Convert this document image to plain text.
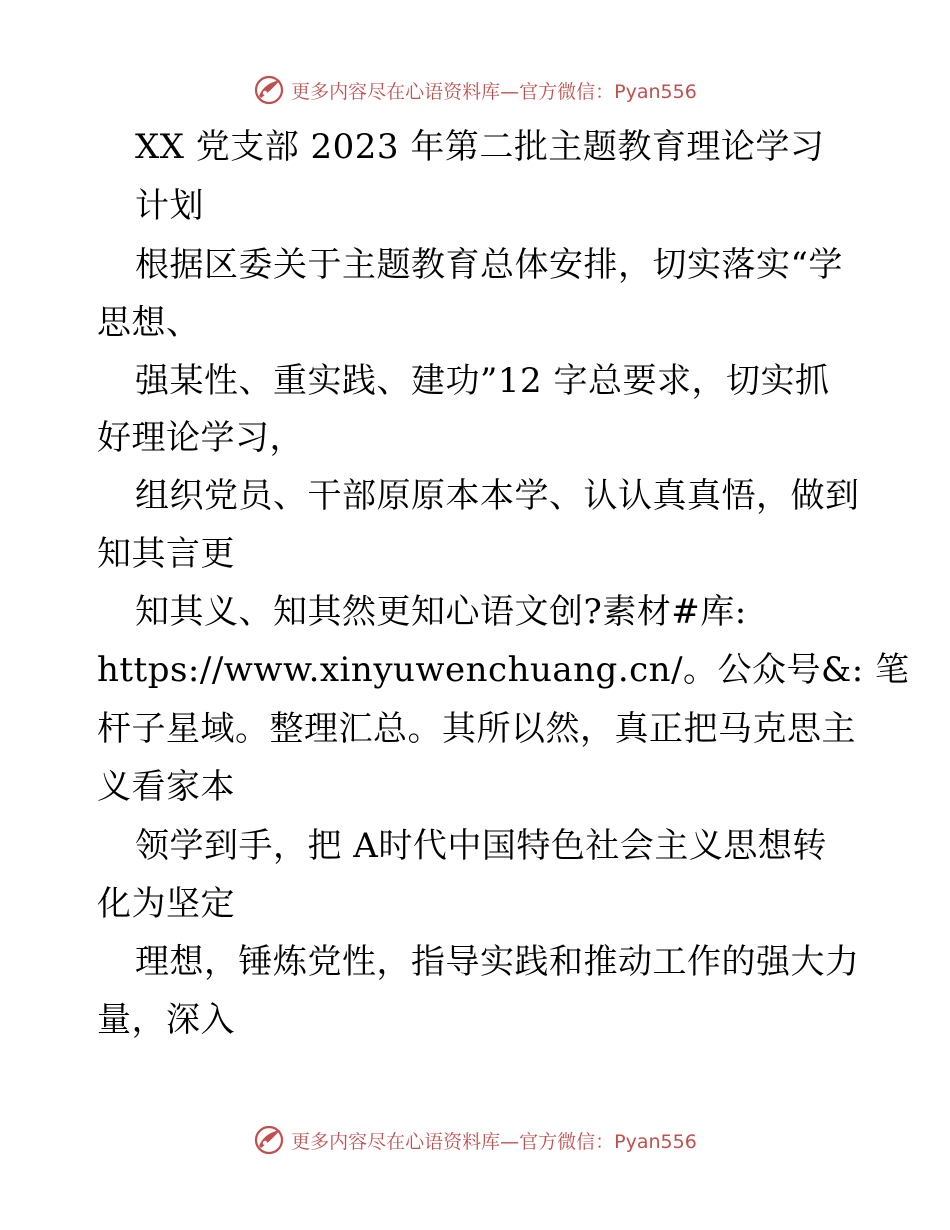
更多内容尽在心语资料库— 官方微信：Pyan556
XX 党支部 2023 年第二批主题教育理论学习
计划
根据区委关于主题教育总体安排，切实落实“学
思想、
强某性、重实践、建功”12 字总要求，切实抓
好理论学习，
组织党员、干部原原本本学、认认真真悟，做到
知其言更
知其义、知其然更知心语文创?素材#库:
https://www.xinyuwenchuang.cn/。公众号&: 笔
杆子星域。整理汇总。其所以然，真正把马克思主
义看家本
领学到手，把 A时代中国特色社会主义思想转
化为坚定
理想，锤炼党性，指导实践和推动工作的强大力
量，深入
更多内容尽在心语资料库— 官方微信：Pyan556
